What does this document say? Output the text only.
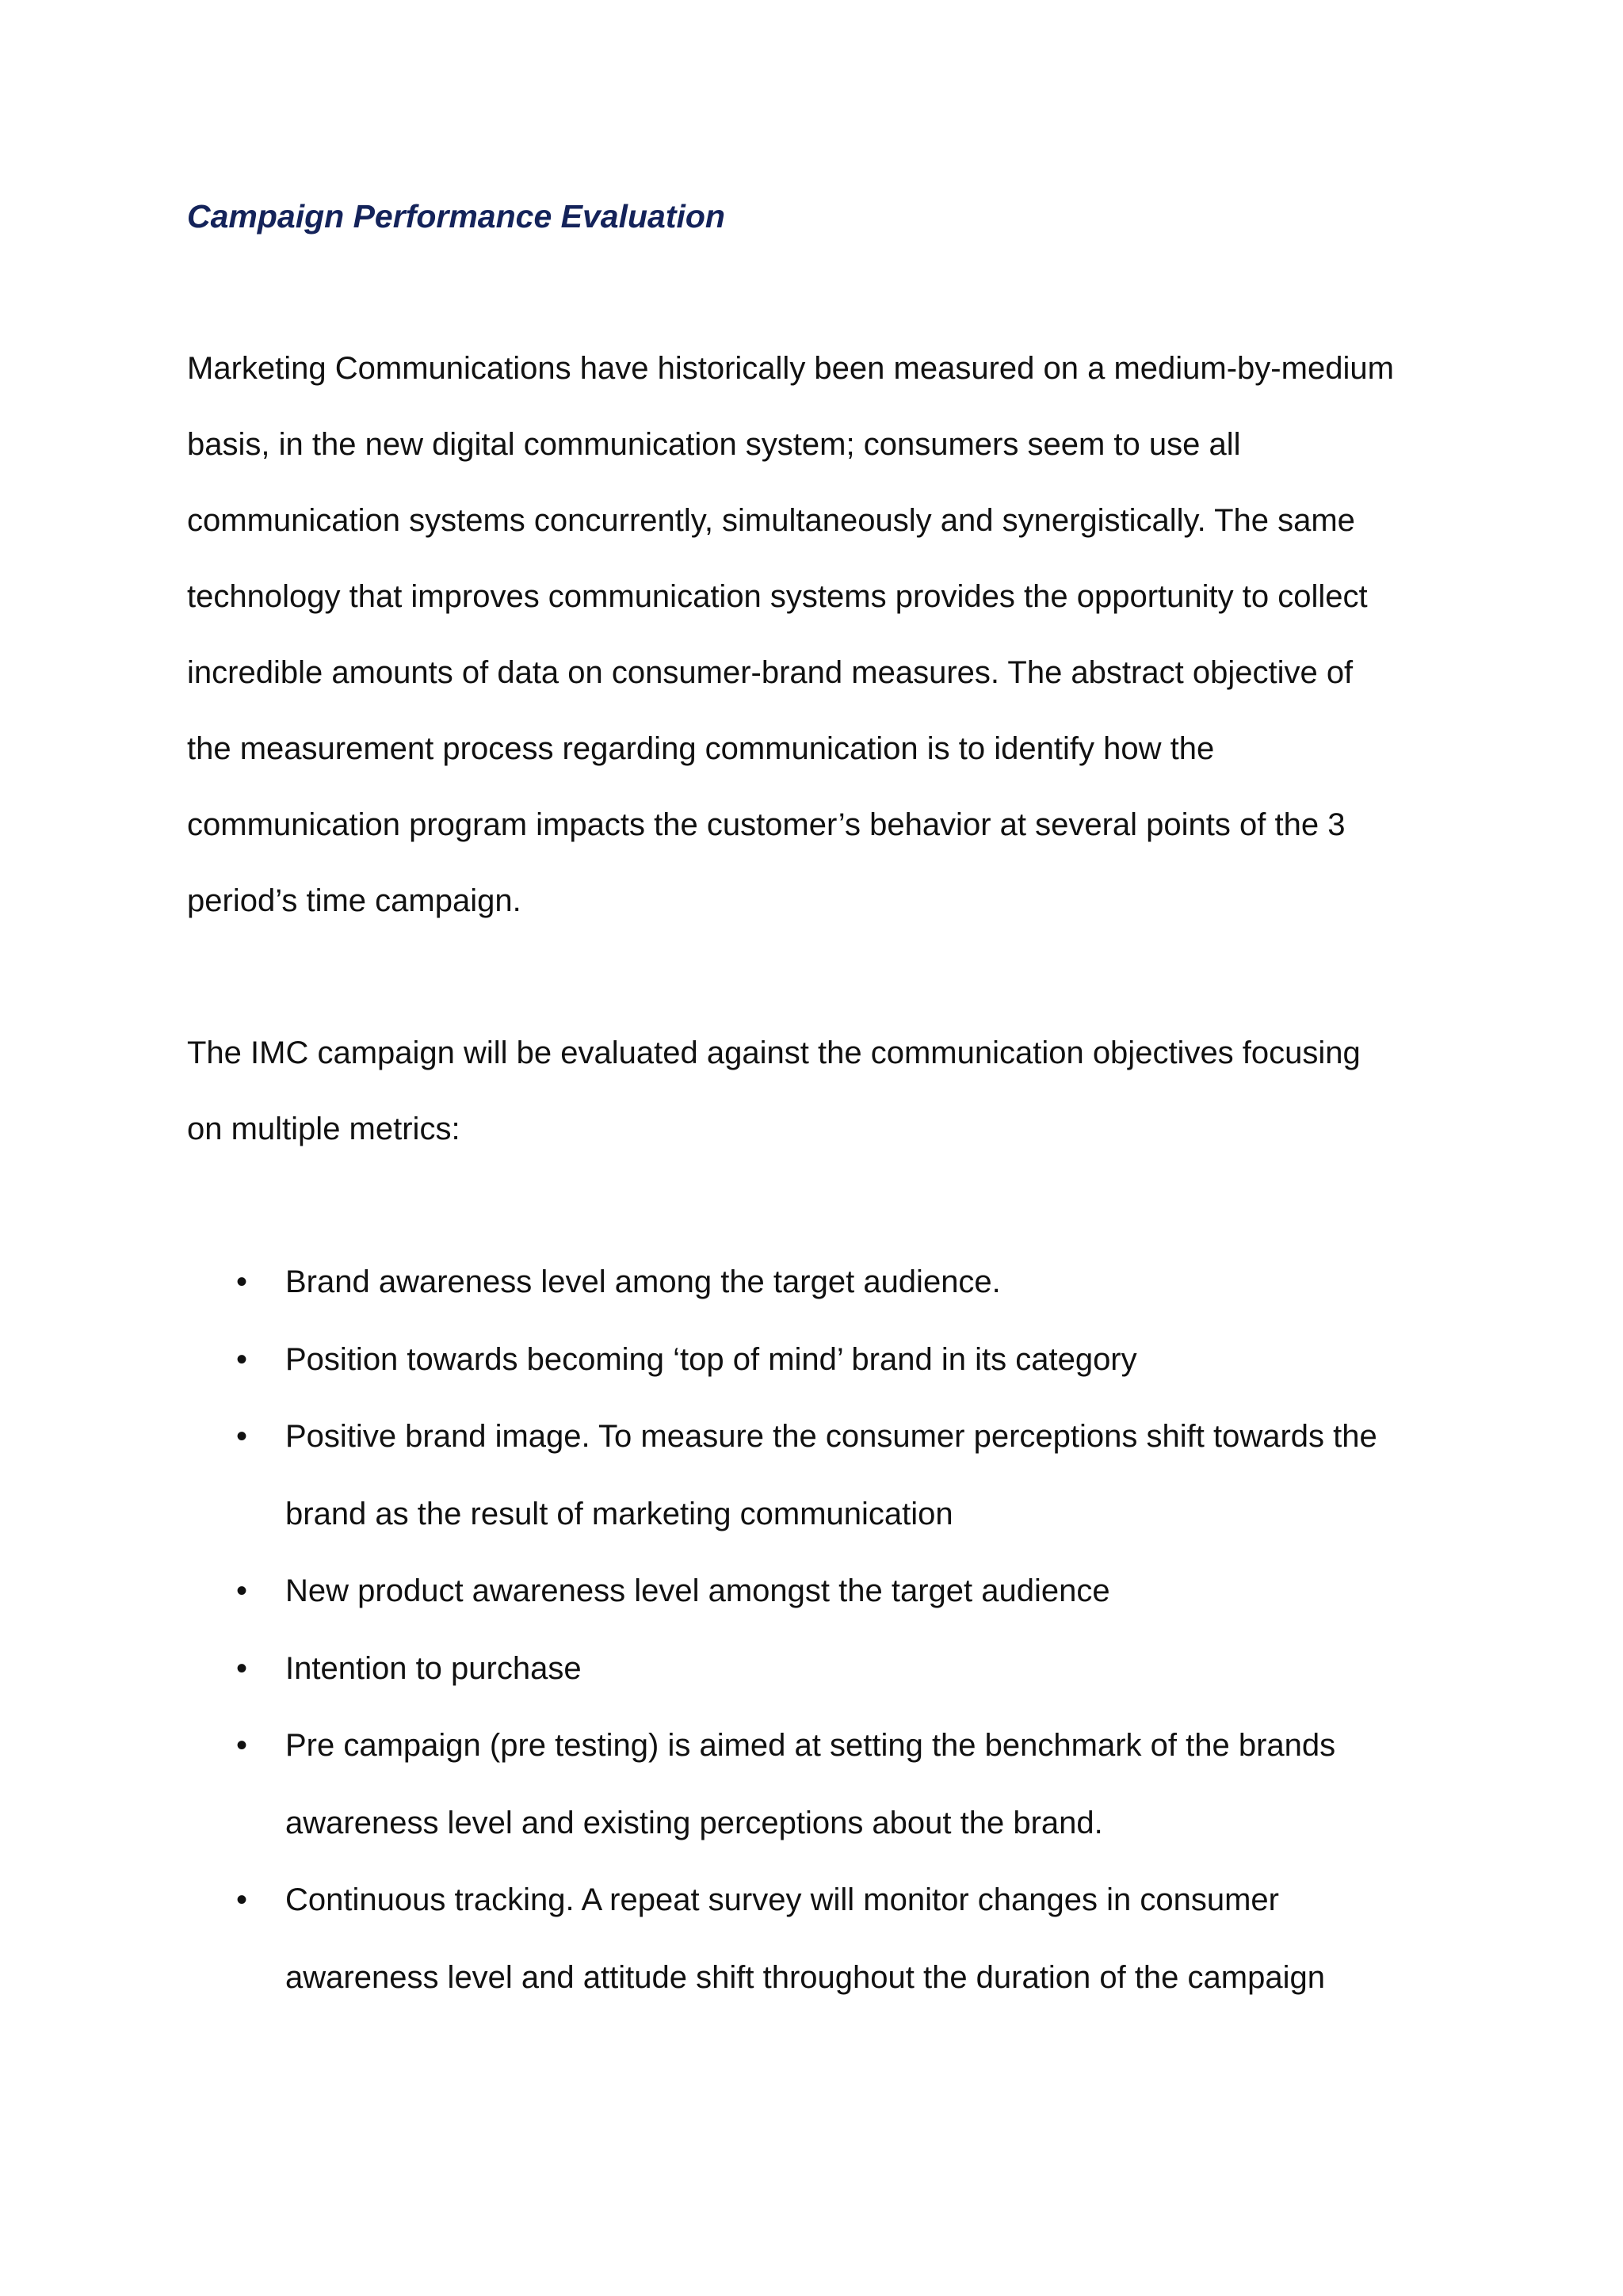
Campaign Performance Evaluation

Marketing Communications have historically been measured on a medium-by-medium
basis, in the new digital communication system; consumers seem to use all
communication systems concurrently, simultaneously and synergistically. The same
technology that improves communication systems provides the opportunity to collect
incredible amounts of data on consumer-brand measures. The abstract objective of
the measurement process regarding communication is to identify how the
communication program impacts the customer’s behavior at several points of the 3
period’s time campaign.

The IMC campaign will be evaluated against the communication objectives focusing
on multiple metrics:

• Brand awareness level among the target audience.
• Position towards becoming ‘top of mind’ brand in its category
• Positive brand image. To measure the consumer perceptions shift towards the
brand as the result of marketing communication
• New product awareness level amongst the target audience
• Intention to purchase
• Pre campaign (pre testing) is aimed at setting the benchmark of the brands
awareness level and existing perceptions about the brand.
• Continuous tracking. A repeat survey will monitor changes in consumer
awareness level and attitude shift throughout the duration of the campaign
